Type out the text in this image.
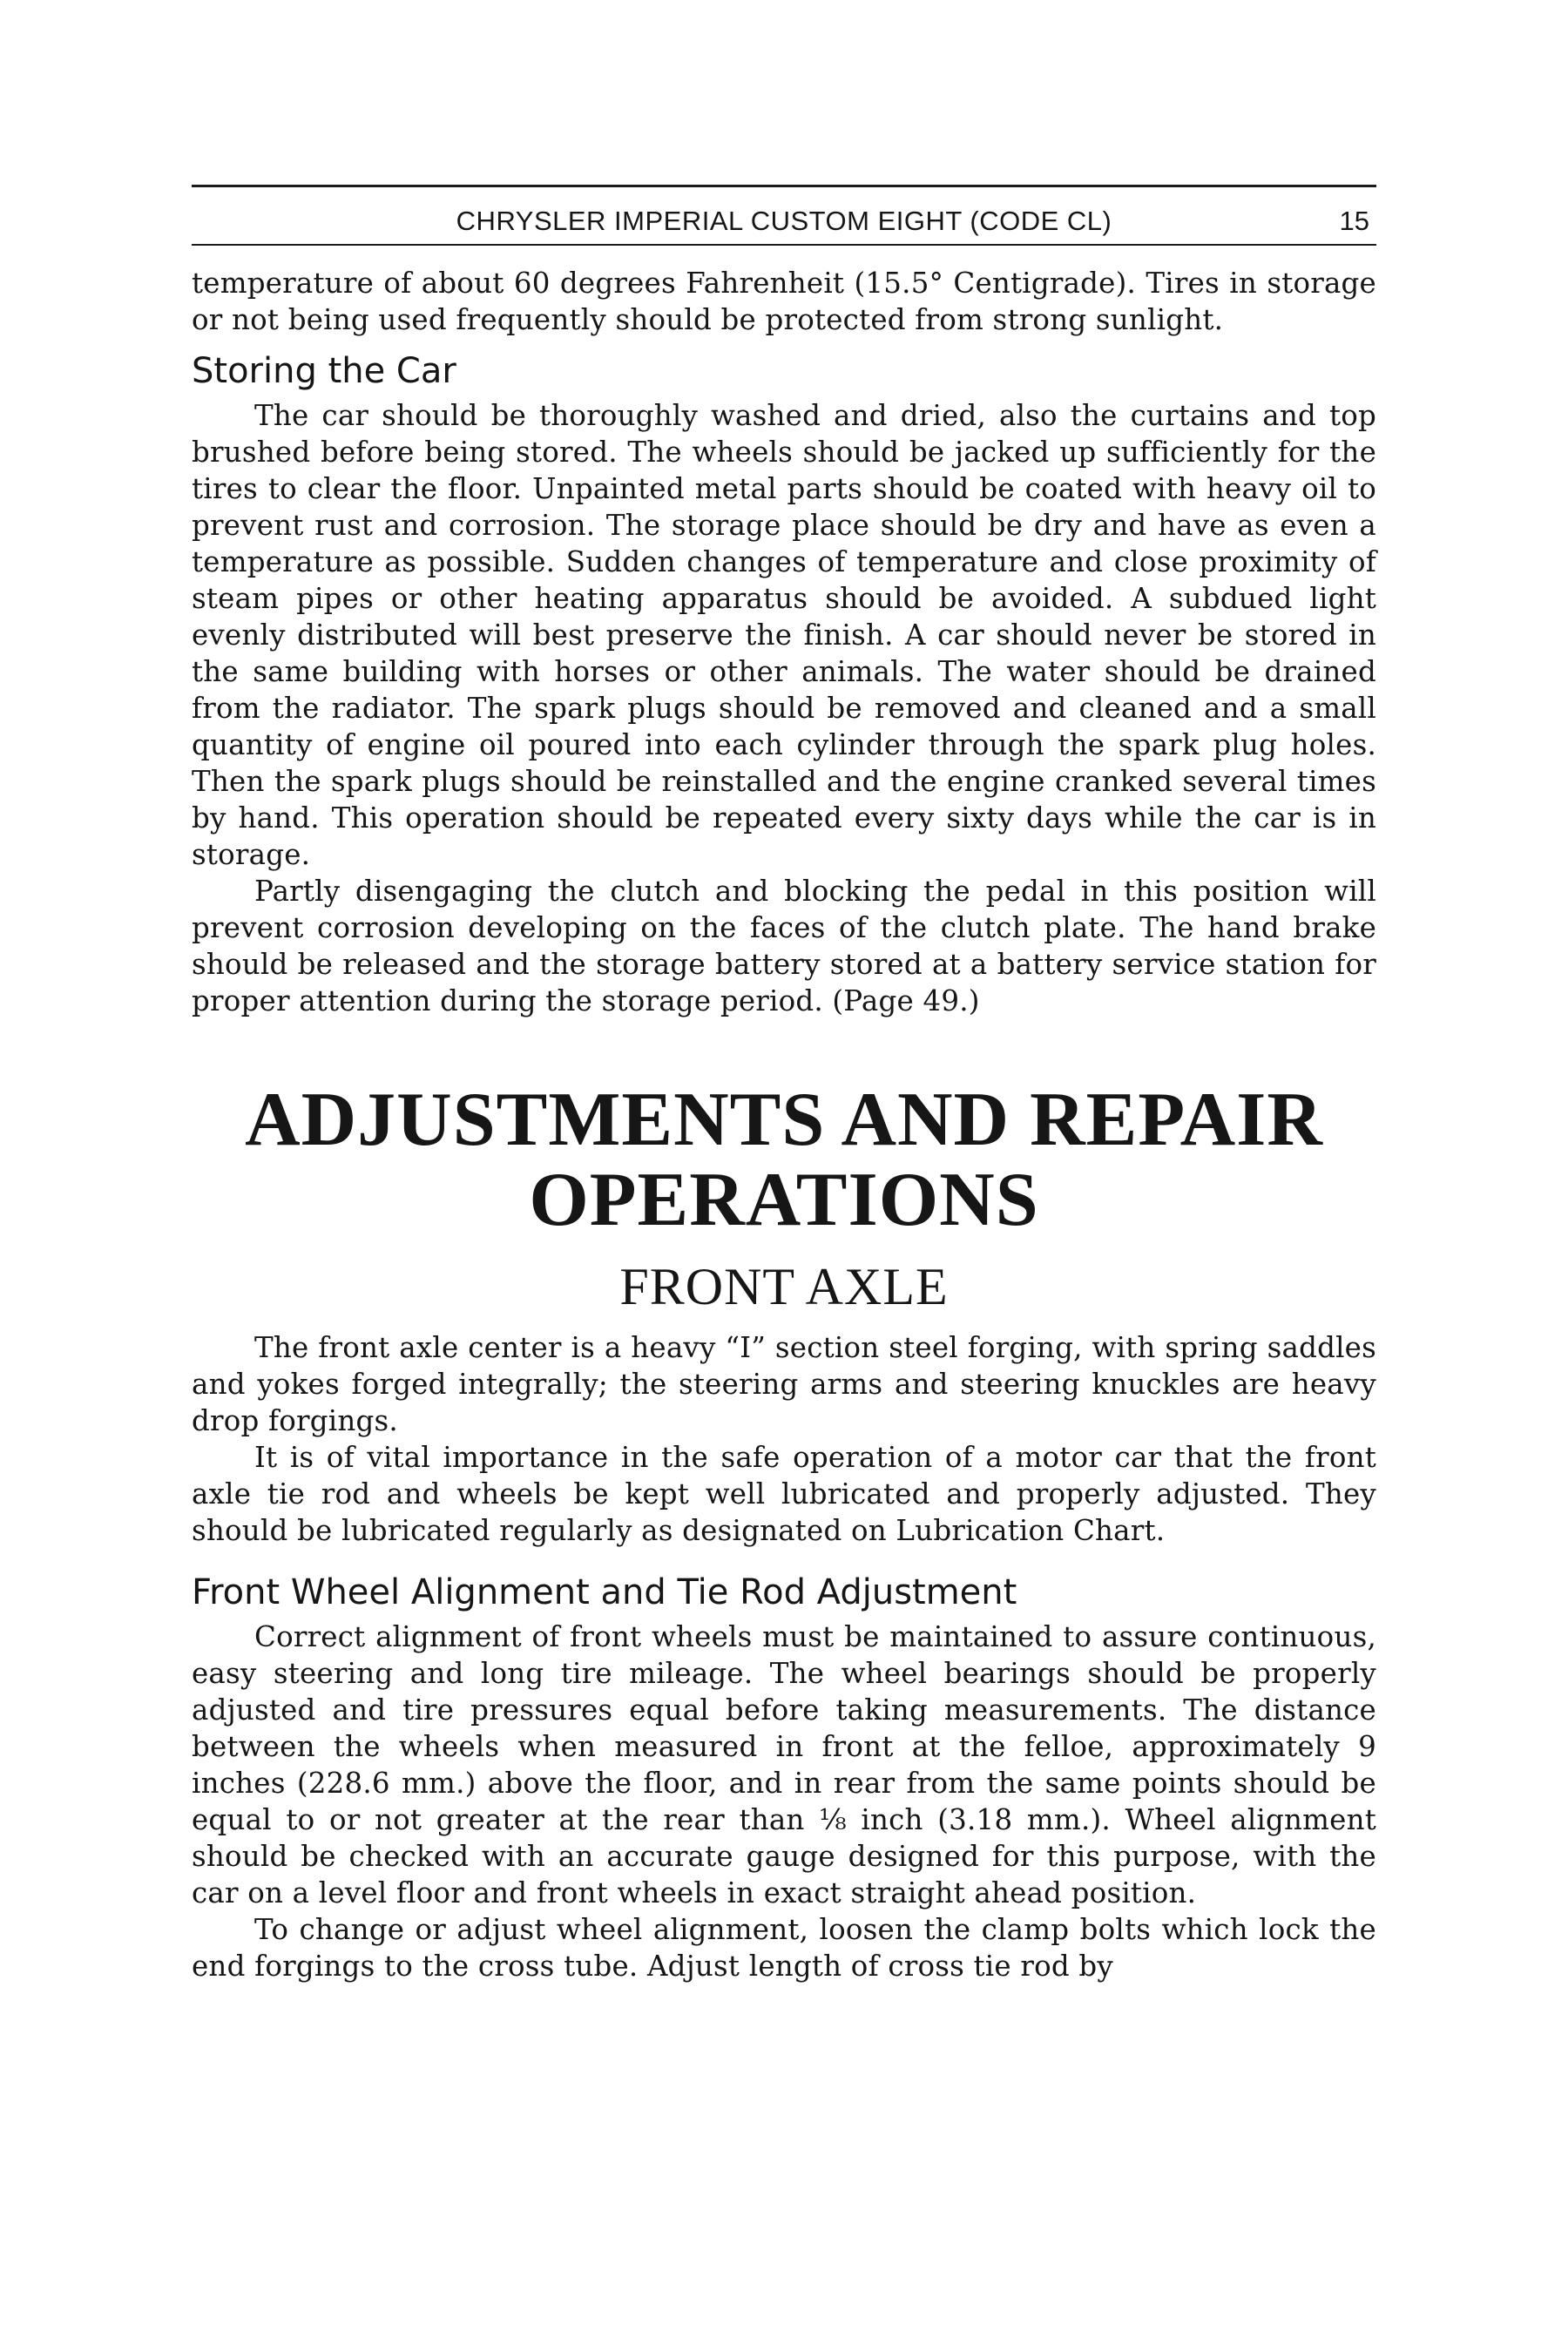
CHRYSLER IMPERIAL CUSTOM EIGHT (CODE CL)	15

temperature of about 60 degrees Fahrenheit (15.5° Centigrade). Tires in storage or not being used frequently should be protected from strong sunlight.

Storing the Car

The car should be thoroughly washed and dried, also the curtains and top brushed before being stored. The wheels should be jacked up sufficiently for the tires to clear the floor. Unpainted metal parts should be coated with heavy oil to prevent rust and corrosion. The storage place should be dry and have as even a temperature as possible. Sudden changes of temperature and close proximity of steam pipes or other heating apparatus should be avoided. A subdued light evenly distributed will best preserve the finish. A car should never be stored in the same building with horses or other animals. The water should be drained from the radiator. The spark plugs should be removed and cleaned and a small quantity of engine oil poured into each cylinder through the spark plug holes. Then the spark plugs should be reinstalled and the engine cranked several times by hand. This operation should be repeated every sixty days while the car is in storage.

Partly disengaging the clutch and blocking the pedal in this position will prevent corrosion developing on the faces of the clutch plate. The hand brake should be released and the storage battery stored at a battery service station for proper attention during the storage period. (Page 49.)

ADJUSTMENTS AND REPAIR OPERATIONS
FRONT AXLE

The front axle center is a heavy “I” section steel forging, with spring saddles and yokes forged integrally; the steering arms and steering knuckles are heavy drop forgings.

It is of vital importance in the safe operation of a motor car that the front axle tie rod and wheels be kept well lubricated and properly adjusted. They should be lubricated regularly as designated on Lubrication Chart.

Front Wheel Alignment and Tie Rod Adjustment

Correct alignment of front wheels must be maintained to assure continuous, easy steering and long tire mileage. The wheel bearings should be properly adjusted and tire pressures equal before taking measurements. The distance between the wheels when measured in front at the felloe, approximately 9 inches (228.6 mm.) above the floor, and in rear from the same points should be equal to or not greater at the rear than ⅛ inch (3.18 mm.). Wheel alignment should be checked with an accurate gauge designed for this purpose, with the car on a level floor and front wheels in exact straight ahead position.

To change or adjust wheel alignment, loosen the clamp bolts which lock the end forgings to the cross tube. Adjust length of cross tie rod by
